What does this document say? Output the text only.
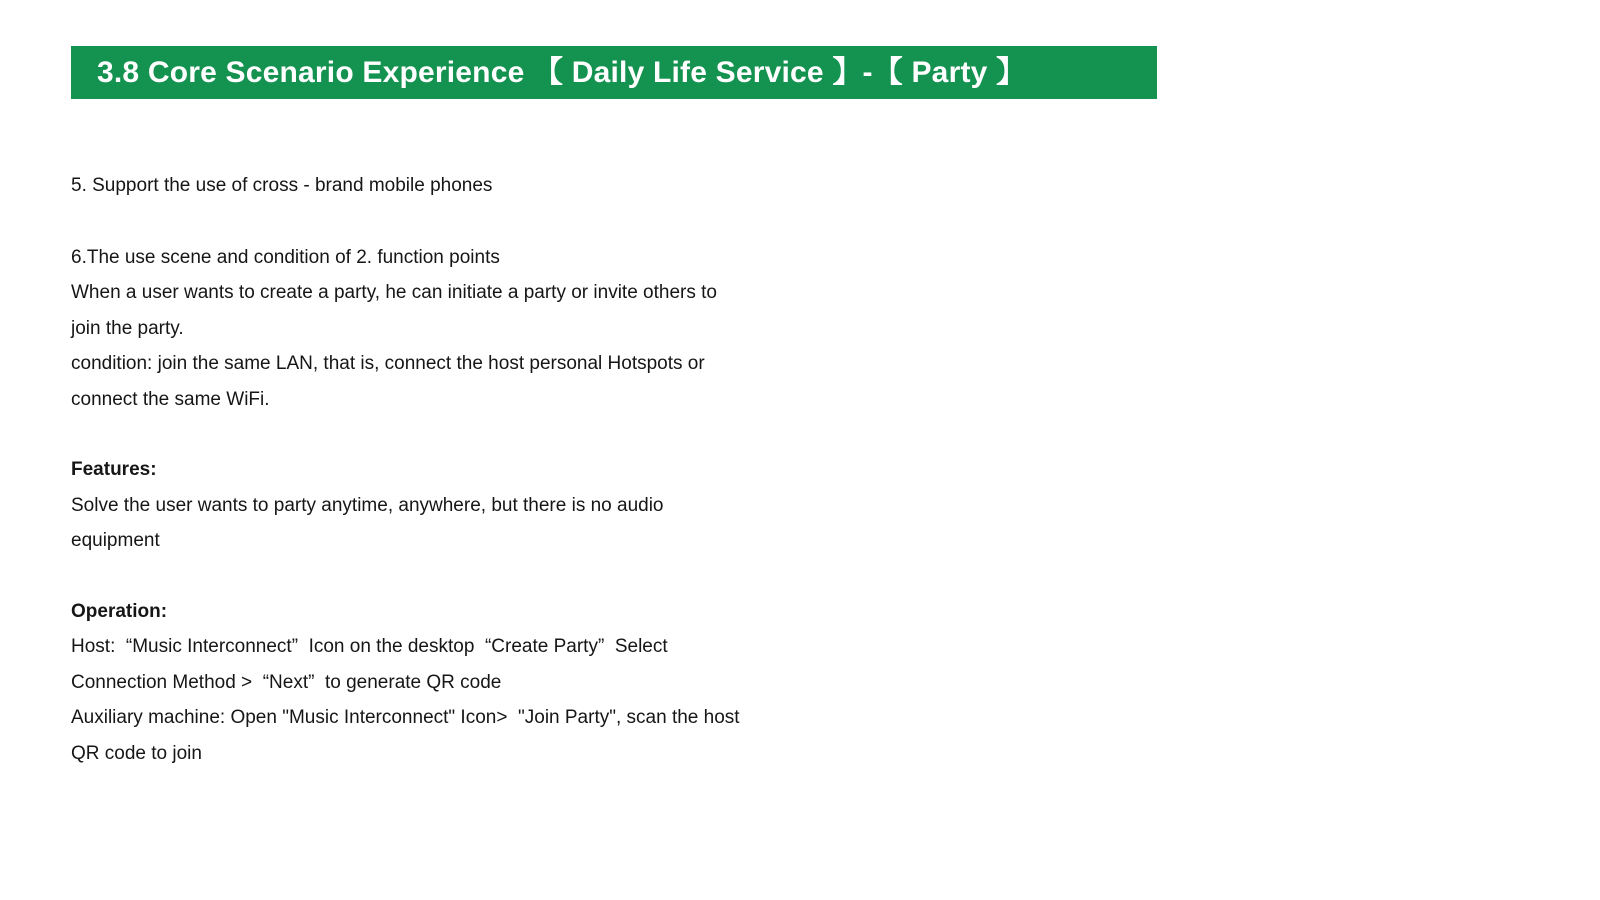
3.8 Core Scenario Experience 【 Daily Life Service 】-【 Party 】

5. Support the use of cross - brand mobile phones

6.The use scene and condition of 2. function points

When a user wants to create a party, he can initiate a party or invite others to

join the party.

condition: join the same LAN, that is, connect the host personal Hotspots or

connect the same WiFi.

Features:

Solve the user wants to party anytime, anywhere, but there is no audio

equipment

Operation:

Host:  “Music Interconnect”  Icon on the desktop  “Create Party”  Select

Connection Method >  “Next”  to generate QR code

Auxiliary machine: Open "Music Interconnect" Icon>  "Join Party", scan the host

QR code to join
